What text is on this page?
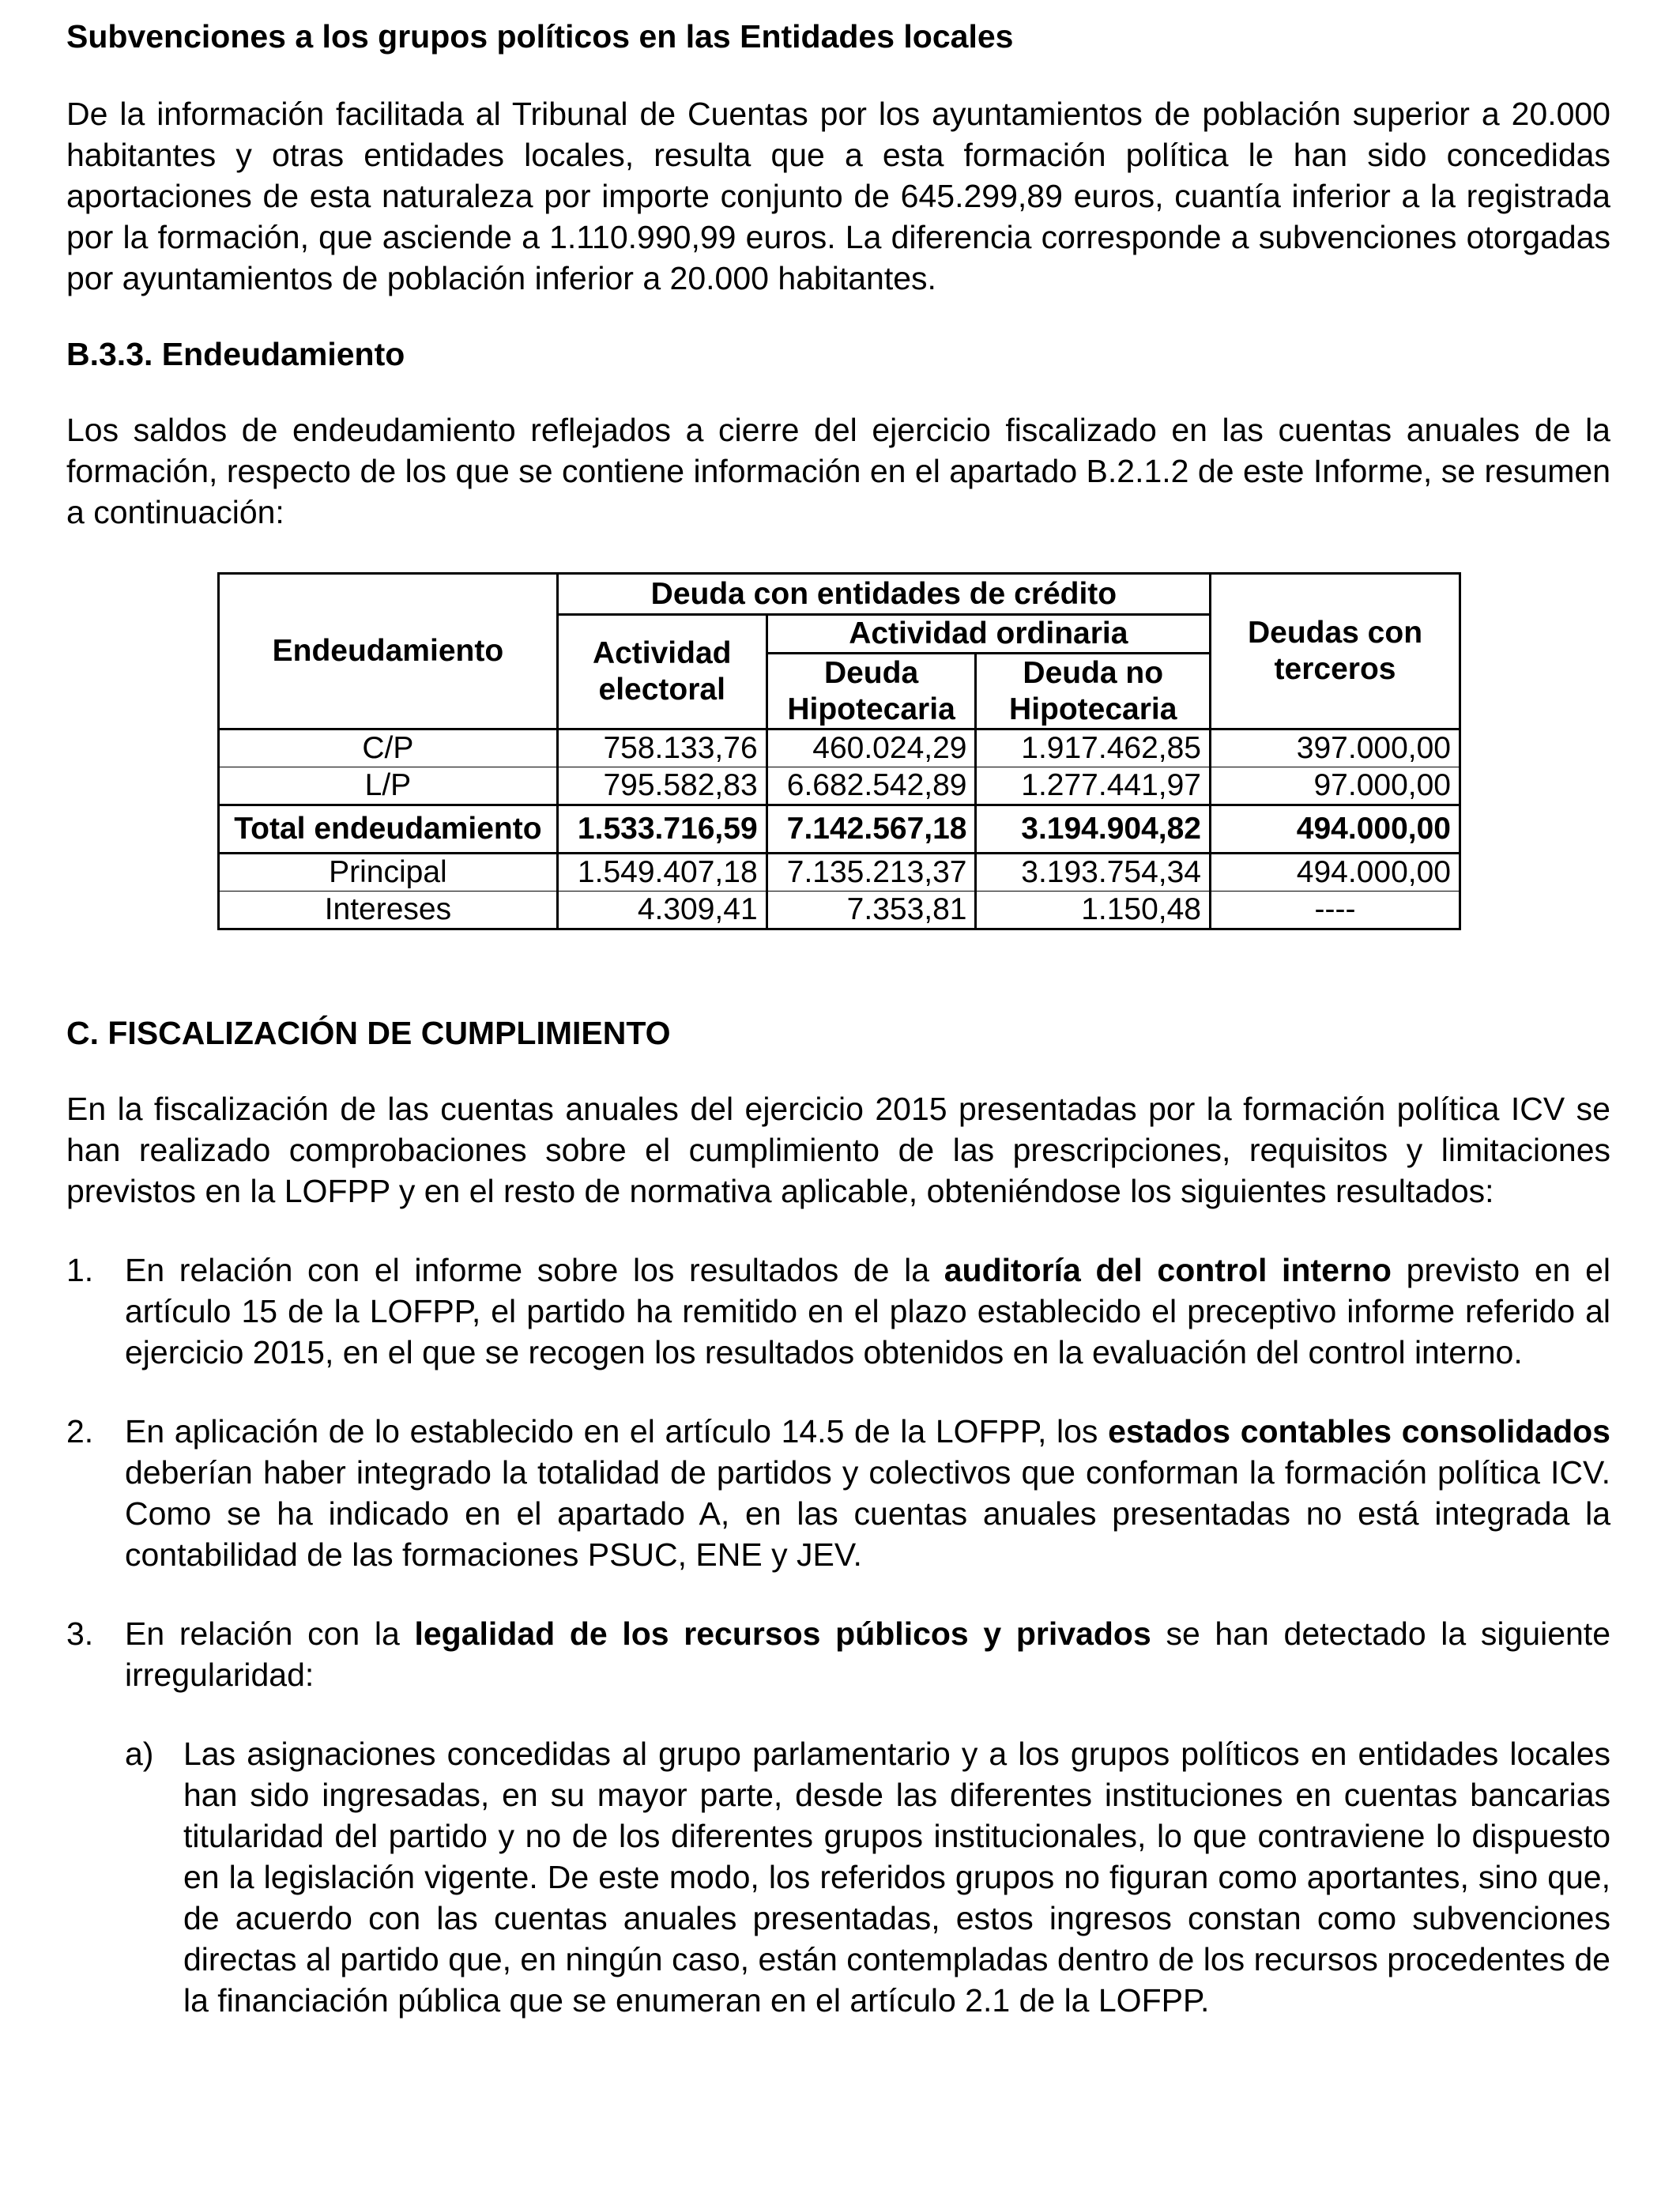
Subvenciones a los grupos políticos en las Entidades locales

De la información facilitada al Tribunal de Cuentas por los ayuntamientos de población superior a 20.000 habitantes y otras entidades locales, resulta que a esta formación política le han sido concedidas aportaciones de esta naturaleza por importe conjunto de 645.299,89 euros, cuantía inferior a la registrada por la formación, que asciende a 1.110.990,99 euros. La diferencia corresponde a subvenciones otorgadas por ayuntamientos de población inferior a 20.000 habitantes.

B.3.3. Endeudamiento

Los saldos de endeudamiento reflejados a cierre del ejercicio fiscalizado en las cuentas anuales de la formación, respecto de los que se contiene información en el apartado B.2.1.2 de este Informe, se resumen a continuación:

Endeudamiento	Deuda con entidades de crédito			Deudas con terceros
	Actividad electoral	Actividad ordinaria		
		Deuda Hipotecaria	Deuda no Hipotecaria	
C/P	758.133,76	460.024,29	1.917.462,85	397.000,00
L/P	795.582,83	6.682.542,89	1.277.441,97	97.000,00
Total endeudamiento	1.533.716,59	7.142.567,18	3.194.904,82	494.000,00
Principal	1.549.407,18	7.135.213,37	3.193.754,34	494.000,00
Intereses	4.309,41	7.353,81	1.150,48	----
C. FISCALIZACIÓN DE CUMPLIMIENTO

En la fiscalización de las cuentas anuales del ejercicio 2015 presentadas por la formación política ICV se han realizado comprobaciones sobre el cumplimiento de las prescripciones, requisitos y limitaciones previstos en la LOFPP y en el resto de normativa aplicable, obteniéndose los siguientes resultados:

1. En relación con el informe sobre los resultados de la auditoría del control interno previsto en el artículo 15 de la LOFPP, el partido ha remitido en el plazo establecido el preceptivo informe referido al ejercicio 2015, en el que se recogen los resultados obtenidos en la evaluación del control interno.

2. En aplicación de lo establecido en el artículo 14.5 de la LOFPP, los estados contables consolidados deberían haber integrado la totalidad de partidos y colectivos que conforman la formación política ICV. Como se ha indicado en el apartado A, en las cuentas anuales presentadas no está integrada la contabilidad de las formaciones PSUC, ENE y JEV.

3. En relación con la legalidad de los recursos públicos y privados se han detectado la siguiente irregularidad:

a) Las asignaciones concedidas al grupo parlamentario y a los grupos políticos en entidades locales han sido ingresadas, en su mayor parte, desde las diferentes instituciones en cuentas bancarias titularidad del partido y no de los diferentes grupos institucionales, lo que contraviene lo dispuesto en la legislación vigente. De este modo, los referidos grupos no figuran como aportantes, sino que, de acuerdo con las cuentas anuales presentadas, estos ingresos constan como subvenciones directas al partido que, en ningún caso, están contempladas dentro de los recursos procedentes de la financiación pública que se enumeran en el artículo 2.1 de la LOFPP.
